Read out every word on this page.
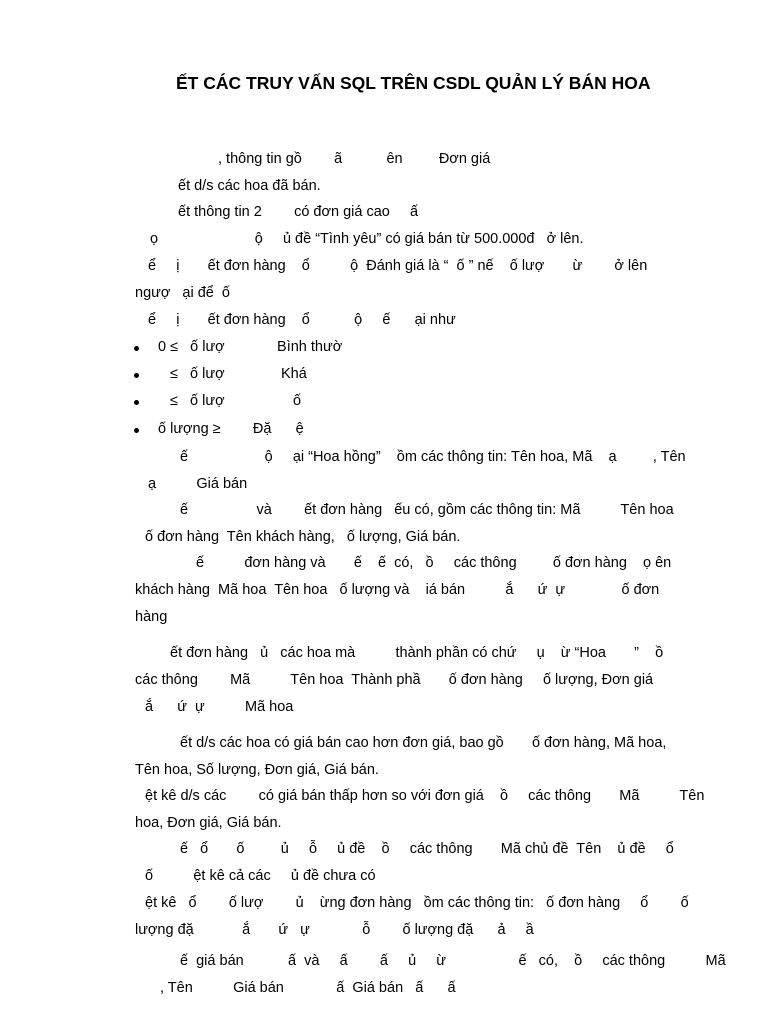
ẾT CÁC TRUY VẤN SQL TRÊN CSDL QUẢN LÝ BÁN HOA
, thông tin gồ        ã           ên         Đơn giá
ết d/s các hoa đã bán.
ết thông tin 2        có đơn giá cao     ấ
ọ                        ộ     ủ đề “Tình yêu” có giá bán từ 500.000đ   ở lên.
ể     ị       ết đơn hàng    ổ          ộ  Đánh giá là “  ố ” nế    ố lượ       ừ        ở lên
ngượ   ại để  ố
ể     ị       ết đơn hàng    ổ           ộ     ế      ại như
0 ≤   ố lượ             Bình thườ
≤   ố lượ              Khá
≤   ố lượ                 ố
ố lượng ≥        Đặ      ệ
ế                   ộ     ại “Hoa hồng”    ồm các thông tin: Tên hoa, Mã    ạ         , Tên
ạ          Giá bán
ế                 và        ết đơn hàng   ếu có, gồm các thông tin: Mã          Tên hoa
ố đơn hàng  Tên khách hàng,   ố lượng, Giá bán.
ế          đơn hàng và       ế    ế  có,   ồ     các thông         ố đơn hàng    ọ ên
khách hàng  Mã hoa  Tên hoa   ố lượng và    iá bán          ắ      ứ  ự              ố đơn
hàng
ết đơn hàng   ủ   các hoa mà          thành phần có chứ     ụ    ừ “Hoa       ”    ồ
các thông        Mã          Tên hoa  Thành phầ       ố đơn hàng     ố lượng, Đơn giá
ắ      ứ  ự          Mã hoa
ết d/s các hoa có giá bán cao hơn đơn giá, bao gồ       ố đơn hàng, Mã hoa,
Tên hoa, Số lượng, Đơn giá, Giá bán.
ệt kê d/s các        có giá bán thấp hơn so với đơn giá    ồ     các thông       Mã          Tên
hoa, Đơn giá, Giá bán.
ế   ổ       ố         ủ     ỗ     ủ đề    ồ     các thông       Mã chủ đề  Tên    ủ đề     ổ
ố          ệt kê cả các     ủ đề chưa có
ệt kê   ổ        ố lượ        ủ    ừng đơn hàng   ồm các thông tin:   ố đơn hàng     ổ        ố
lượng đặ            ắ       ứ   ự             ỗ        ố lượng đặ      ả     ầ
ế  giá bán           ấ  và     ấ        ấ     ủ     ừ                  ế   có,    ồ     các thông          Mã
, Tên          Giá bán             ấ  Giá bán   ấ      ấ
